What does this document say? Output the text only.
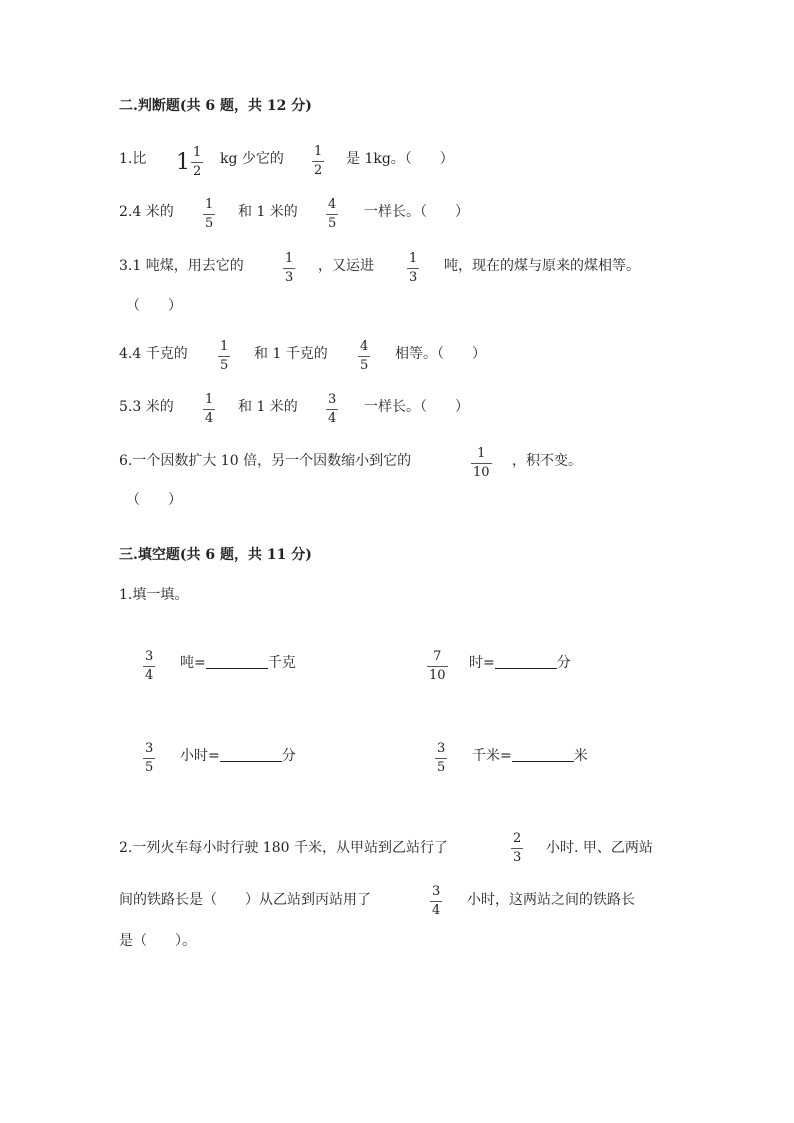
二.判断题(共 6 题，共 12 分)
1.比 1 1
2
kg 少它的 1
2
是 1kg。（　　）
2.4 米的 1
5
和 1 米的 4
5
一样长。（　　）
3.1 吨煤，用去它的	1
3
，又运进	1
3
吨，现在的煤与原来的煤相等。
（　　）
4.4 千克的 1
5
和 1 千克的 4
5
相等。（　　）
5.3 米的 1
4
和 1 米的 3
4
一样长。（　　）
6.一个因数扩大 10 倍，另一个因数缩小到它的	1
10
，积不变。
（　　）
三.填空题(共 6 题，共 11 分)
1.填一填。
3
4
吨=	千克	7
10
时=	分
3
5
小时=	分	3
5
千米=	米
2.一列火车每小时行驶 180 千米，从甲站到乙站行了
2
3
小时. 甲、乙两站
间的铁路长是（　　）从乙站到丙站用了
3
4
小时，这两站之间的铁路长
是（　　）。
